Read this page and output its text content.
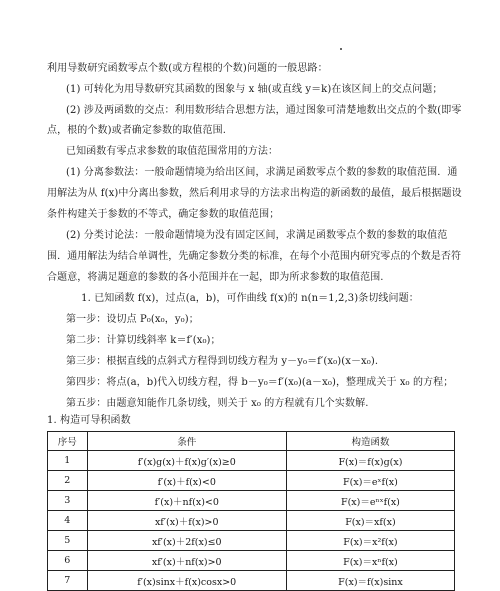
利用导数研究函数零点个数(或方程根的个数)问题的一般思路：
(1) 可转化为用导数研究其函数的图象与 x 轴(或直线 y＝k)在该区间上的交点问题；
(2) 涉及两函数的交点：利用数形结合思想方法，通过图象可清楚地数出交点的个数(即零
点，根的个数)或者确定参数的取值范围.
已知函数有零点求参数的取值范围常用的方法：
(1) 分离参数法：一般命题情境为给出区间，求满足函数零点个数的参数的取值范围．通
用解法为从 f(x)中分离出参数，然后利用求导的方法求出构造的新函数的最值，最后根据题设
条件构建关于参数的不等式，确定参数的取值范围；
(2) 分类讨论法：一般命题情境为没有固定区间，求满足函数零点个数的参数的取值范
围．通用解法为结合单调性，先确定参数分类的标准，在每个小范围内研究零点的个数是否符
合题意，将满足题意的参数的各小范围并在一起，即为所求参数的取值范围.
1. 已知函数 f(x)，过点(a，b)，可作曲线 f(x)的 n(n＝1,2,3)条切线问题：
第一步：设切点 P₀(x₀，y₀)；
第二步：计算切线斜率 k＝f′(x₀)；
第三步：根据直线的点斜式方程得到切线方程为 y－y₀＝f′(x₀)(x－x₀).
第四步：将点(a，b)代入切线方程，得 b－y₀＝f′(x₀)(a－x₀)，整理成关于 x₀ 的方程；
第五步：由题意知能作几条切线，则关于 x₀ 的方程就有几个实数解.
序号	条件	构造函数
1	f′(x)g(x)＋f(x)g′(x)≥0	F(x)＝f(x)g(x)
2	f′(x)＋f(x)<0	F(x)＝eˣf(x)
3	f′(x)＋nf(x)<0	F(x)＝eⁿˣf(x)
4	xf′(x)＋f(x)>0	F(x)＝xf(x)
5	xf′(x)＋2f(x)≤0	F(x)＝x²f(x)
6	xf′(x)＋nf(x)>0	F(x)＝xⁿf(x)
7	f′(x)sinx＋f(x)cosx>0	F(x)＝f(x)sinx
1. 构造可导积函数
